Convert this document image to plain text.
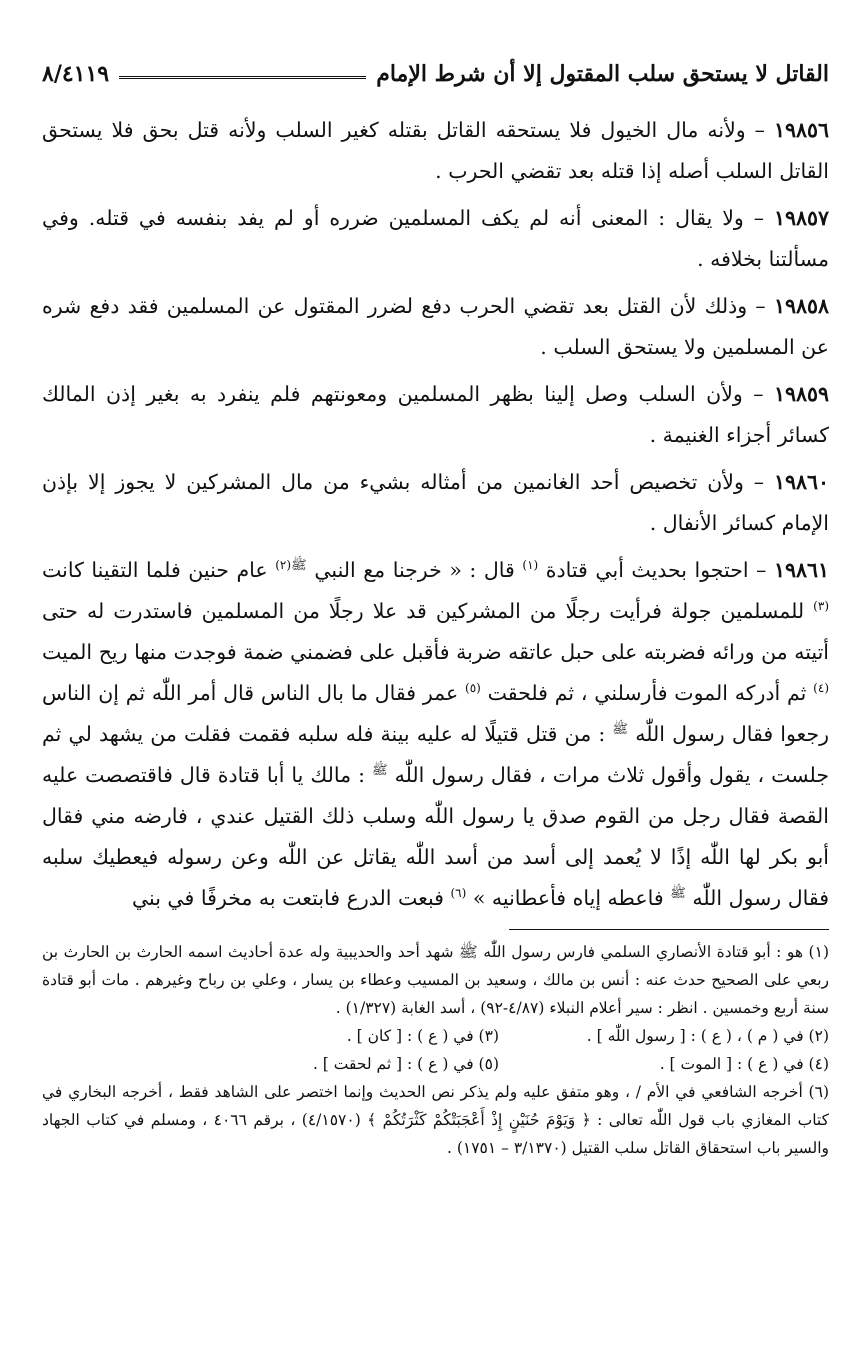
القاتل لا يستحق سلب المقتول إلا أن شرط الإمام
٨/٤١١٩

١٩٨٥٦ – ولأنه مال الخيول فلا يستحقه القاتل بقتله كغير السلب ولأنه قتل بحق فلا يستحق القاتل السلب أصله إذا قتله بعد تقضي الحرب .

١٩٨٥٧ – ولا يقال : المعنى أنه لم يكف المسلمين ضرره أو لم يفد بنفسه في قتله. وفي مسألتنا بخلافه .

١٩٨٥٨ – وذلك لأن القتل بعد تقضي الحرب دفع لضرر المقتول عن المسلمين فقد دفع شره عن المسلمين ولا يستحق السلب .

١٩٨٥٩ – ولأن السلب وصل إلينا بظهر المسلمين ومعونتهم فلم ينفرد به بغير إذن المالك كسائر أجزاء الغنيمة .

١٩٨٦٠ – ولأن تخصيص أحد الغانمين من أمثاله بشيء من مال المشركين لا يجوز إلا بإذن الإمام كسائر الأنفال .

١٩٨٦١ – احتجوا بحديث أبي قتادة $^{(١)}$ قال : « خرجنا مع النبي $^{ﷺ(٢)}$ عام حنين فلما التقينا كانت $^{(٣)}$ للمسلمين جولة فرأيت رجلًا من المشركين قد علا رجلًا من المسلمين فاستدرت له حتى أتيته من ورائه فضربته على حبل عاتقه ضربة فأقبل على فضمني ضمة فوجدت منها ريح الميت $^{(٤)}$ ثم أدركه الموت فأرسلني ، ثم فلحقت $^{(٥)}$ عمر فقال ما بال الناس قال أمر اللّٰه ثم إن الناس رجعوا فقال رسول اللّٰه $^ﷺ$ : من قتل قتيلًا له عليه بينة فله سلبه فقمت فقلت من يشهد لي ثم جلست ، يقول وأقول ثلاث مرات ، فقال رسول اللّٰه $^ﷺ$ : مالك يا أبا قتادة قال فاقتصصت عليه القصة فقال رجل من القوم صدق يا رسول اللّٰه وسلب ذلك القتيل عندي ، فارضه مني فقال أبو بكر لها اللّٰه إذًا لا يُعمد إلى أسد من أسد اللّٰه يقاتل عن اللّٰه وعن رسوله فيعطيك سلبه فقال رسول اللّٰه $^ﷺ$ فاعطه إياه فأعطانيه » $^{(٦)}$ فبعت الدرع فابتعت به مخرفًا في بني

(١) هو : أبو قتادة الأنصاري السلمي فارس رسول اللّٰه ﷺ شهد أحد والحديبية وله عدة أحاديث اسمه الحارث بن الحارث بن ربعي على الصحيح حدث عنه : أنس بن مالك ، وسعيد بن المسيب وعطاء بن يسار ، وعلي بن رباح وغيرهم . مات أبو قتادة سنة أربع وخمسين . انظر : سير أعلام النبلاء (٤/٨٧-٩٢) ، أسد الغابة (١/٣٢٧) .

(٢) في ( م ) ، ( ع ) : [ رسول اللّٰه ] .

(٣) في ( ع ) : [ كان ] .

(٤) في ( ع ) : [ الموت ] .

(٥) في ( ع ) : [ ثم لحقت ] .

(٦) أخرجه الشافعي في الأم / ، وهو متفق عليه ولم يذكر نص الحديث وإنما اختصر على الشاهد فقط ، أخرجه البخاري في كتاب المغازي باب قول اللّٰه تعالى : ﴿ وَيَوْمَ حُنَيْنٍ إِذْ أَعْجَبَتْكُمْ كَثْرَتُكُمْ ﴾ (٤/١٥٧٠) ، برقم ٤٠٦٦ ، ومسلم في كتاب الجهاد والسير باب استحقاق القاتل سلب القتيل (٣/١٣٧٠ – ١٧٥١) .
